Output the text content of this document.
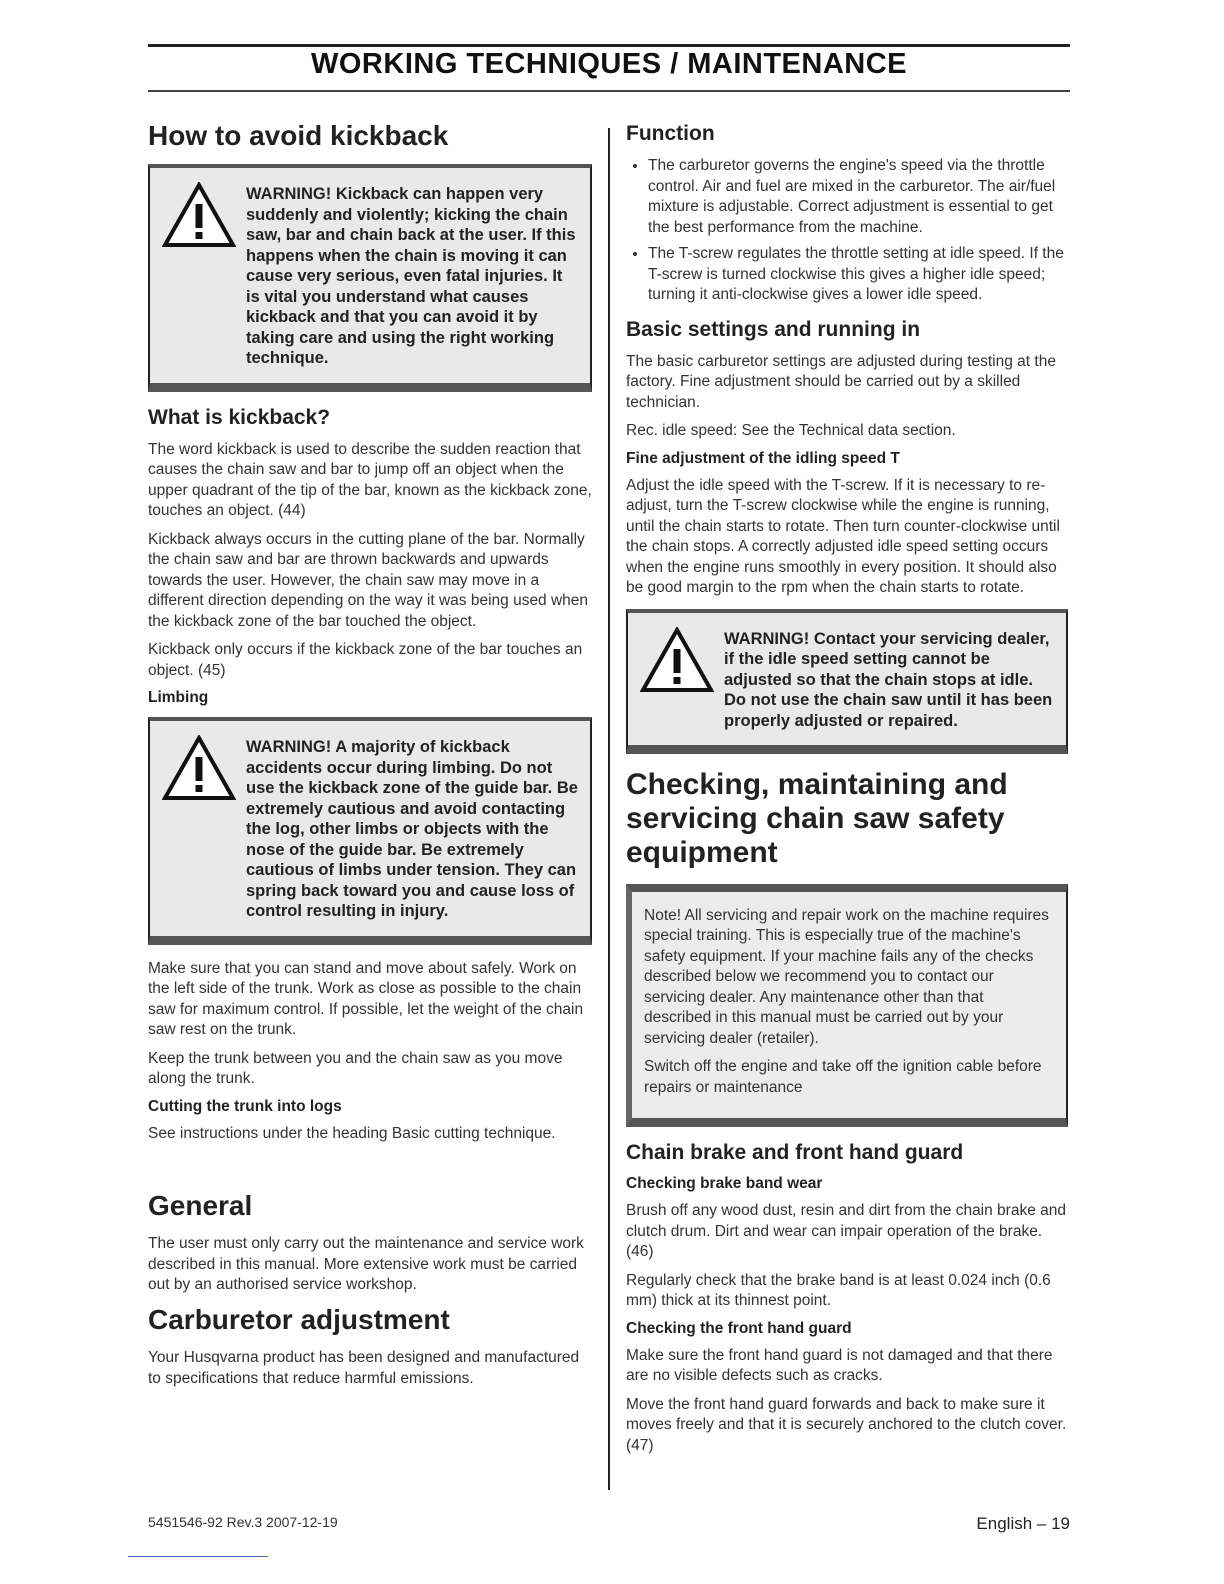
WORKING TECHNIQUES / MAINTENANCE
How to avoid kickback
WARNING! Kickback can happen very suddenly and violently; kicking the chain saw, bar and chain back at the user. If this happens when the chain is moving it can cause very serious, even fatal injuries. It is vital you understand what causes kickback and that you can avoid it by taking care and using the right working technique.
What is kickback?

The word kickback is used to describe the sudden reaction that causes the chain saw and bar to jump off an object when the upper quadrant of the tip of the bar, known as the kickback zone, touches an object. (44)

Kickback always occurs in the cutting plane of the bar. Normally the chain saw and bar are thrown backwards and upwards towards the user. However, the chain saw may move in a different direction depending on the way it was being used when the kickback zone of the bar touched the object.

Kickback only occurs if the kickback zone of the bar touches an object. (45)

Limbing
WARNING! A majority of kickback accidents occur during limbing. Do not use the kickback zone of the guide bar. Be extremely cautious and avoid contacting the log, other limbs or objects with the nose of the guide bar. Be extremely cautious of limbs under tension. They can spring back toward you and cause loss of control resulting in injury.

Make sure that you can stand and move about safely. Work on the left side of the trunk. Work as close as possible to the chain saw for maximum control. If possible, let the weight of the chain saw rest on the trunk.

Keep the trunk between you and the chain saw as you move along the trunk.

Cutting the trunk into logs

See instructions under the heading Basic cutting technique.

General

The user must only carry out the maintenance and service work described in this manual. More extensive work must be carried out by an authorised service workshop.

Carburetor adjustment

Your Husqvarna product has been designed and manufactured to specifications that reduce harmful emissions.

Function
• The carburetor governs the engine's speed via the throttle control. Air and fuel are mixed in the carburetor. The air/fuel mixture is adjustable. Correct adjustment is essential to get the best performance from the machine.
• The T-screw regulates the throttle setting at idle speed. If the T-screw is turned clockwise this gives a higher idle speed; turning it anti-clockwise gives a lower idle speed.
Basic settings and running in

The basic carburetor settings are adjusted during testing at the factory. Fine adjustment should be carried out by a skilled technician.

Rec. idle speed: See the Technical data section.

Fine adjustment of the idling speed T

Adjust the idle speed with the T-screw. If it is necessary to re-adjust, turn the T-screw clockwise while the engine is running, until the chain starts to rotate. Then turn counter-clockwise until the chain stops. A correctly adjusted idle speed setting occurs when the engine runs smoothly in every position. It should also be good margin to the rpm when the chain starts to rotate.

WARNING! Contact your servicing dealer, if the idle speed setting cannot be adjusted so that the chain stops at idle. Do not use the chain saw until it has been properly adjusted or repaired.
Checking, maintaining and servicing chain saw safety equipment

Note! All servicing and repair work on the machine requires special training. This is especially true of the machine's safety equipment. If your machine fails any of the checks described below we recommend you to contact our servicing dealer. Any maintenance other than that described in this manual must be carried out by your servicing dealer (retailer).

Switch off the engine and take off the ignition cable before repairs or maintenance

Chain brake and front hand guard
Checking brake band wear

Brush off any wood dust, resin and dirt from the chain brake and clutch drum. Dirt and wear can impair operation of the brake. (46)

Regularly check that the brake band is at least 0.024 inch (0.6 mm) thick at its thinnest point.

Checking the front hand guard

Make sure the front hand guard is not damaged and that there are no visible defects such as cracks.

Move the front hand guard forwards and back to make sure it moves freely and that it is securely anchored to the clutch cover. (47)

5451546-92 Rev.3 2007-12-19	English – 19
